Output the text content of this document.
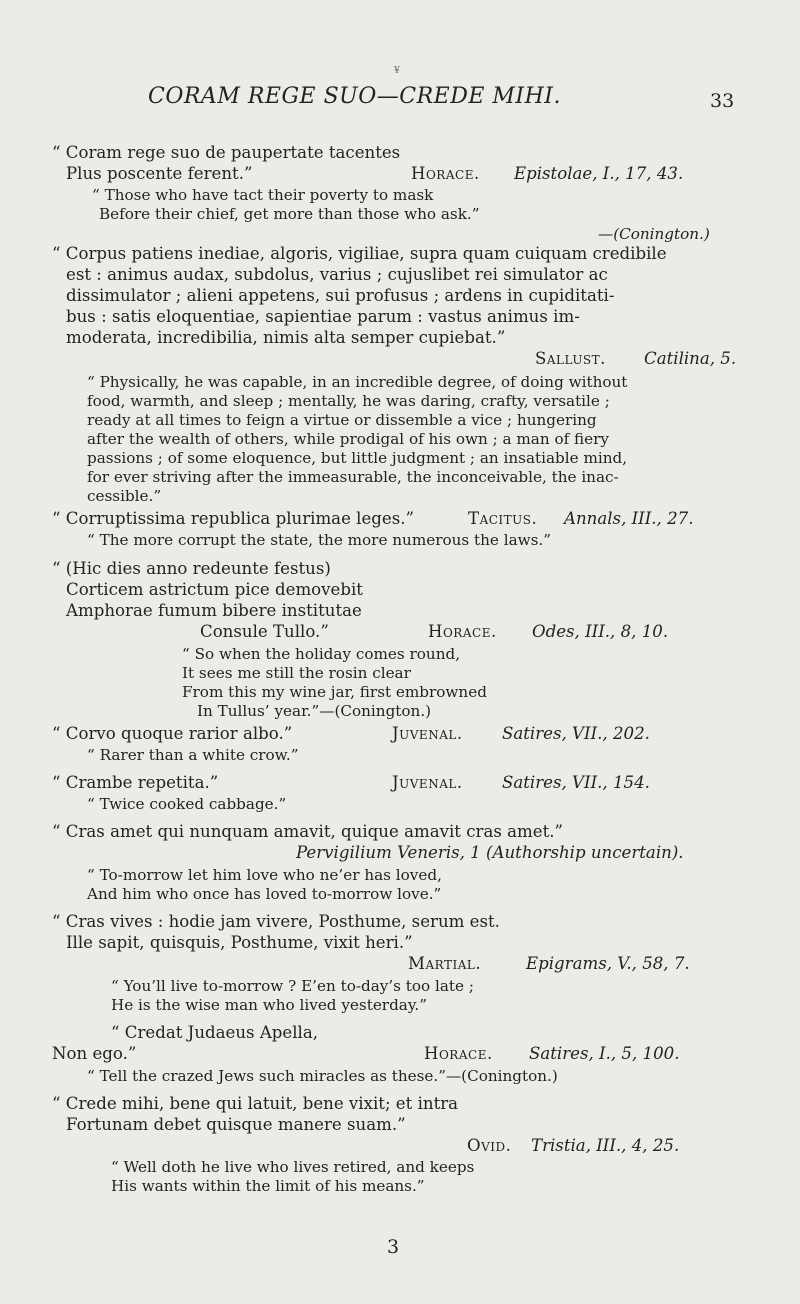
¥
CORAM REGE SUO—CREDE MIHI.	33
“ Coram rege suo de paupertate tacentes
Plus poscente ferent.”	Horace. Epistolae, I., 17, 43.
“ Those who have tact their poverty to mask
Before their chief, get more than those who ask.”
—(Conington.)
“ Corpus patiens inediae, algoris, vigiliae, supra quam cuiquam credibile
est : animus audax, subdolus, varius ; cujuslibet rei simulator ac
dissimulator ; alieni appetens, sui profusus ; ardens in cupiditati-
bus : satis eloquentiae, sapientiae parum : vastus animus im-
moderata, incredibilia, nimis alta semper cupiebat.”
Sallust. Catilina, 5.
“ Physically, he was capable, in an incredible degree, of doing without
food, warmth, and sleep ; mentally, he was daring, crafty, versatile ;
ready at all times to feign a virtue or dissemble a vice ; hungering
after the wealth of others, while prodigal of his own ; a man of fiery
passions ; of some eloquence, but little judgment ; an insatiable mind,
for ever striving after the immeasurable, the inconceivable, the inac-
cessible.”
“ Corruptissima republica plurimae leges.”	Tacitus. Annals, III., 27.
“ The more corrupt the state, the more numerous the laws.”
“ (Hic dies anno redeunte festus)
Corticem astrictum pice demovebit
Amphorae fumum bibere institutae
Consule Tullo.”	Horace. Odes, III., 8, 10.
“ So when the holiday comes round,
It sees me still the rosin clear
From this my wine jar, first embrowned
In Tullus’ year.”—(Conington.)
“ Corvo quoque rarior albo.”	Juvenal. Satires, VII., 202.
“ Rarer than a white crow.”
“ Crambe repetita.”	Juvenal. Satires, VII., 154.
“ Twice cooked cabbage.”
“ Cras amet qui nunquam amavit, quique amavit cras amet.”
Pervigilium Veneris, 1 (Authorship uncertain).
“ To-morrow let him love who ne’er has loved,
And him who once has loved to-morrow love.”
“ Cras vives : hodie jam vivere, Posthume, serum est.
Ille sapit, quisquis, Posthume, vixit heri.”
Martial.	Epigrams, V., 58, 7.
“ You’ll live to-morrow ? E’en to-day’s too late ;
He is the wise man who lived yesterday.”
“ Credat Judaeus Apella,
Non ego.”	Horace. Satires, I., 5, 100.
“ Tell the crazed Jews such miracles as these.”—(Conington.)
“ Crede mihi, bene qui latuit, bene vixit; et intra
Fortunam debet quisque manere suam.”
Ovid. Tristia, III., 4, 25.
“ Well doth he live who lives retired, and keeps
His wants within the limit of his means.”
3
